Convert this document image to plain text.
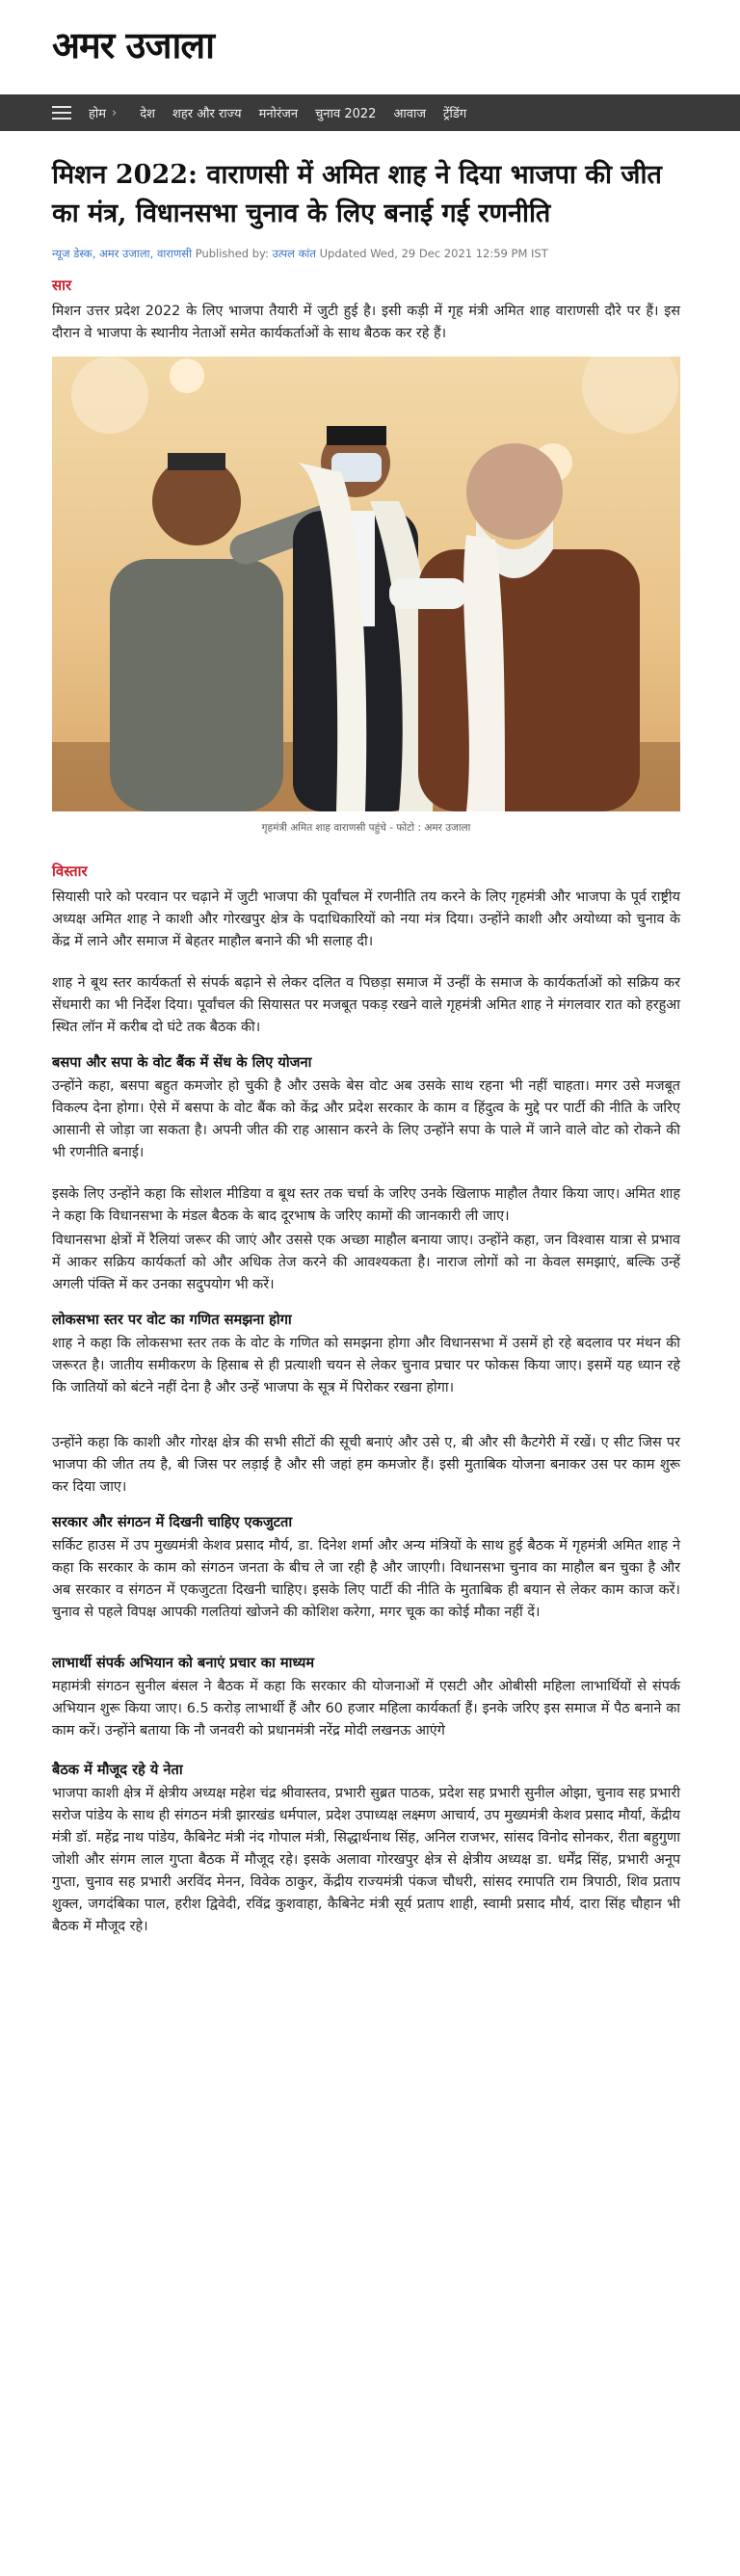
अमर उजाला
होम › देश शहर और राज्य मनोरंजन चुनाव 2022 आवाज ट्रेंडिंग
मिशन 2022: वाराणसी में अमित शाह ने दिया भाजपा की जीत का मंत्र, विधानसभा चुनाव के लिए बनाई गई रणनीति
न्यूज डेस्क, अमर उजाला, वाराणसी Published by: उत्पल कांत Updated Wed, 29 Dec 2021 12:59 PM IST
सार

मिशन उत्तर प्रदेश 2022 के लिए भाजपा तैयारी में जुटी हुई है। इसी कड़ी में गृह मंत्री अमित शाह वाराणसी दौरे पर हैं। इस दौरान वे भाजपा के स्थानीय नेताओं समेत कार्यकर्ताओं के साथ बैठक कर रहे हैं।

गृहमंत्री अमित शाह वाराणसी पहुंचे - फोटो : अमर उजाला
विस्तार

सियासी पारे को परवान पर चढ़ाने में जुटी भाजपा की पूर्वांचल में रणनीति तय करने के लिए गृहमंत्री और भाजपा के पूर्व राष्ट्रीय अध्यक्ष अमित शाह ने काशी और गोरखपुर क्षेत्र के पदाधिकारियों को नया मंत्र दिया। उन्होंने काशी और अयोध्या को चुनाव के केंद्र में लाने और समाज में बेहतर माहौल बनाने की भी सलाह दी।

शाह ने बूथ स्तर कार्यकर्ता से संपर्क बढ़ाने से लेकर दलित व पिछड़ा समाज में उन्हीं के समाज के कार्यकर्ताओं को सक्रिय कर सेंधमारी का भी निर्देश दिया। पूर्वांचल की सियासत पर मजबूत पकड़ रखने वाले गृहमंत्री अमित शाह ने मंगलवार रात को हरहुआ स्थित लॉन में करीब दो घंटे तक बैठक की।

बसपा और सपा के वोट बैंक में सेंध के लिए योजना

उन्होंने कहा, बसपा बहुत कमजोर हो चुकी है और उसके बेस वोट अब उसके साथ रहना भी नहीं चाहता। मगर उसे मजबूत विकल्प देना होगा। ऐसे में बसपा के वोट बैंक को केंद्र और प्रदेश सरकार के काम व हिंदुत्व के मुद्दे पर पार्टी की नीति के जरिए आसानी से जोड़ा जा सकता है। अपनी जीत की राह आसान करने के लिए उन्होंने सपा के पाले में जाने वाले वोट को रोकने की भी रणनीति बनाई।

इसके लिए उन्होंने कहा कि सोशल मीडिया व बूथ स्तर तक चर्चा के जरिए उनके खिलाफ माहौल तैयार किया जाए। अमित शाह ने कहा कि विधानसभा के मंडल बैठक के बाद दूरभाष के जरिए कामों की जानकारी ली जाए।

विधानसभा क्षेत्रों में रैलियां जरूर की जाएं और उससे एक अच्छा माहौल बनाया जाए। उन्होंने कहा, जन विश्वास यात्रा से प्रभाव में आकर सक्रिय कार्यकर्ता को और अधिक तेज करने की आवश्यकता है। नाराज लोगों को ना केवल समझाएं, बल्कि उन्हें अगली पंक्ति में कर उनका सदुपयोग भी करें।

लोकसभा स्तर पर वोट का गणित समझना होगा

शाह ने कहा कि लोकसभा स्तर तक के वोट के गणित को समझना होगा और विधानसभा में उसमें हो रहे बदलाव पर मंथन की जरूरत है। जातीय समीकरण के हिसाब से ही प्रत्याशी चयन से लेकर चुनाव प्रचार पर फोकस किया जाए। इसमें यह ध्यान रहे कि जातियों को बंटने नहीं देना है और उन्हें भाजपा के सूत्र में पिरोकर रखना होगा।

उन्होंने कहा कि काशी और गोरक्ष क्षेत्र की सभी सीटों की सूची बनाएं और उसे ए, बी और सी कैटगेरी में रखें। ए सीट जिस पर भाजपा की जीत तय है, बी जिस पर लड़ाई है और सी जहां हम कमजोर हैं। इसी मुताबिक योजना बनाकर उस पर काम शुरू कर दिया जाए।

सरकार और संगठन में दिखनी चाहिए एकजुटता

सर्किट हाउस में उप मुख्यमंत्री केशव प्रसाद मौर्य, डा. दिनेश शर्मा और अन्य मंत्रियों के साथ हुई बैठक में गृहमंत्री अमित शाह ने कहा कि सरकार के काम को संगठन जनता के बीच ले जा रही है और जाएगी। विधानसभा चुनाव का माहौल बन चुका है और अब सरकार व संगठन में एकजुटता दिखनी चाहिए। इसके लिए पार्टी की नीति के मुताबिक ही बयान से लेकर काम काज करें। चुनाव से पहले विपक्ष आपकी गलतियां खोजने की कोशिश करेगा, मगर चूक का कोई मौका नहीं दें।

लाभार्थी संपर्क अभियान को बनाएं प्रचार का माध्यम

महामंत्री संगठन सुनील बंसल ने बैठक में कहा कि सरकार की योजनाओं में एसटी और ओबीसी महिला लाभार्थियों से संपर्क अभियान शुरू किया जाए। 6.5 करोड़ लाभार्थी हैं और 60 हजार महिला कार्यकर्ता हैं। इनके जरिए इस समाज में पैठ बनाने का काम करें। उन्होंने बताया कि नौ जनवरी को प्रधानमंत्री नरेंद्र मोदी लखनऊ आएंगे

बैठक में मौजूद रहे ये नेता

भाजपा काशी क्षेत्र में क्षेत्रीय अध्यक्ष महेश चंद्र श्रीवास्तव, प्रभारी सुब्रत पाठक, प्रदेश सह प्रभारी सुनील ओझा, चुनाव सह प्रभारी सरोज पांडेय के साथ ही संगठन मंत्री झारखंड धर्मपाल, प्रदेश उपाध्यक्ष लक्ष्मण आचार्य, उप मुख्यमंत्री केशव प्रसाद मौर्या, केंद्रीय मंत्री डॉ. महेंद्र नाथ पांडेय, कैबिनेट मंत्री नंद गोपाल मंत्री, सिद्धार्थनाथ सिंह, अनिल राजभर, सांसद विनोद सोनकर, रीता बहुगुणा जोशी और संगम लाल गुप्ता बैठक में मौजूद रहे। इसके अलावा गोरखपुर क्षेत्र से क्षेत्रीय अध्यक्ष डा. धर्मेंद्र सिंह, प्रभारी अनूप गुप्ता, चुनाव सह प्रभारी अरविंद मेनन, विवेक ठाकुर, केंद्रीय राज्यमंत्री पंकज चौधरी, सांसद रमापति राम त्रिपाठी, शिव प्रताप शुक्ल, जगदंबिका पाल, हरीश द्विवेदी, रविंद्र कुशवाहा, कैबिनेट मंत्री सूर्य प्रताप शाही, स्वामी प्रसाद मौर्य, दारा सिंह चौहान भी बैठक में मौजूद रहे।
